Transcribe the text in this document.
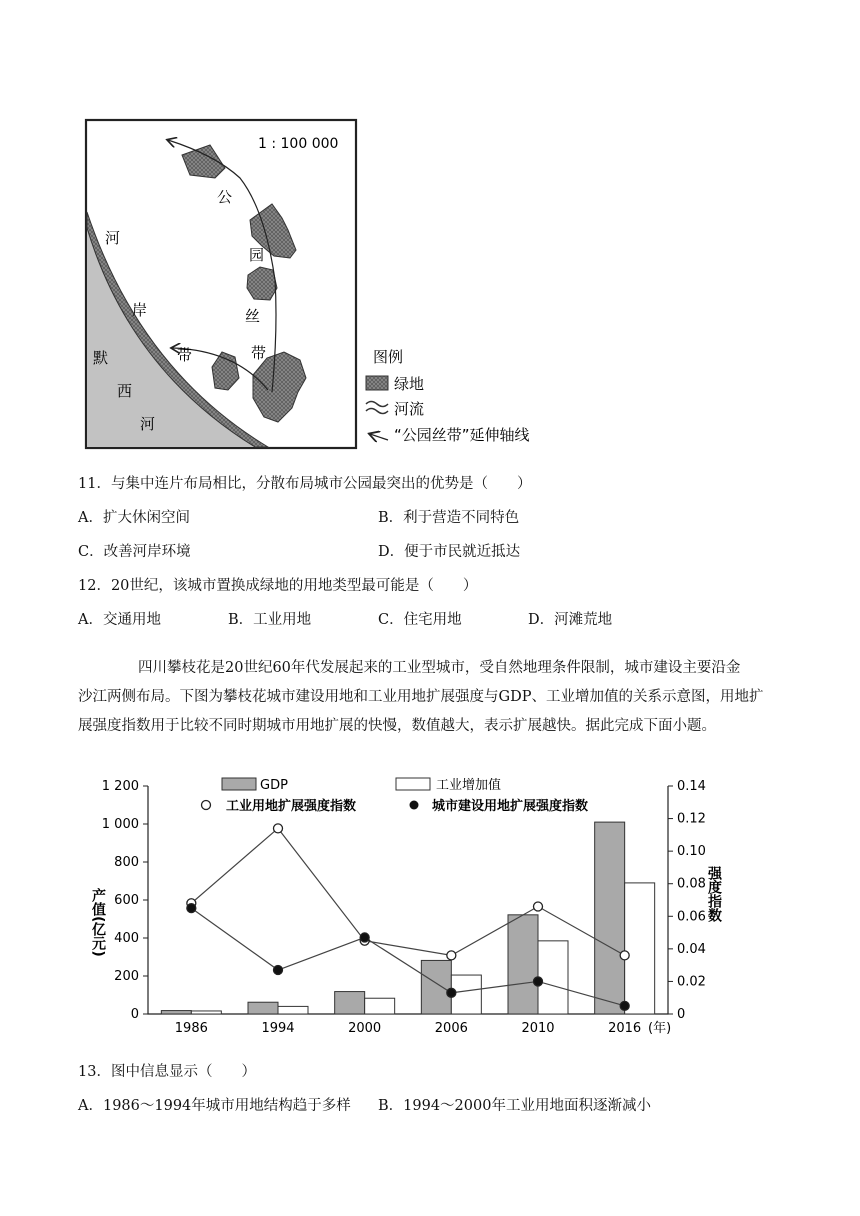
1 : 100 000
公
园
丝
带
带
河
岸
默
西
河
图例
绿地
河流
“公园丝带”延伸轴线
11．与集中连片布局相比，分散布局城市公园最突出的优势是（　　）
A．扩大休闲空间	B．利于营造不同特色
C．改善河岸环境	D．便于市民就近抵达
12．20世纪，该城市置换成绿地的用地类型最可能是（　　）
A．交通用地	B．工业用地	C．住宅用地	D．河滩荒地
四川攀枝花是20世纪60年代发展起来的工业型城市，受自然地理条件限制，城市建设主要沿金
沙江两侧布局。下图为攀枝花城市建设用地和工业用地扩展强度与GDP、工业增加值的关系示意图，用地扩
展强度指数用于比较不同时期城市用地扩展的快慢，数值越大，表示扩展越快。据此完成下面小题。
0
200
400
600
800
1 000
1 200
0
0.02
0.04
0.06
0.08
0.10
0.12
0.14
1986	1994	2000	2006	2010	2016
产值(亿元)	强度指数
(年)
GDP	工业增加值
工业用地扩展强度指数	城市建设用地扩展强度指数
13．图中信息显示（　　）
A．1986～1994年城市用地结构趋于多样 B．1994～2000年工业用地面积逐渐减小
